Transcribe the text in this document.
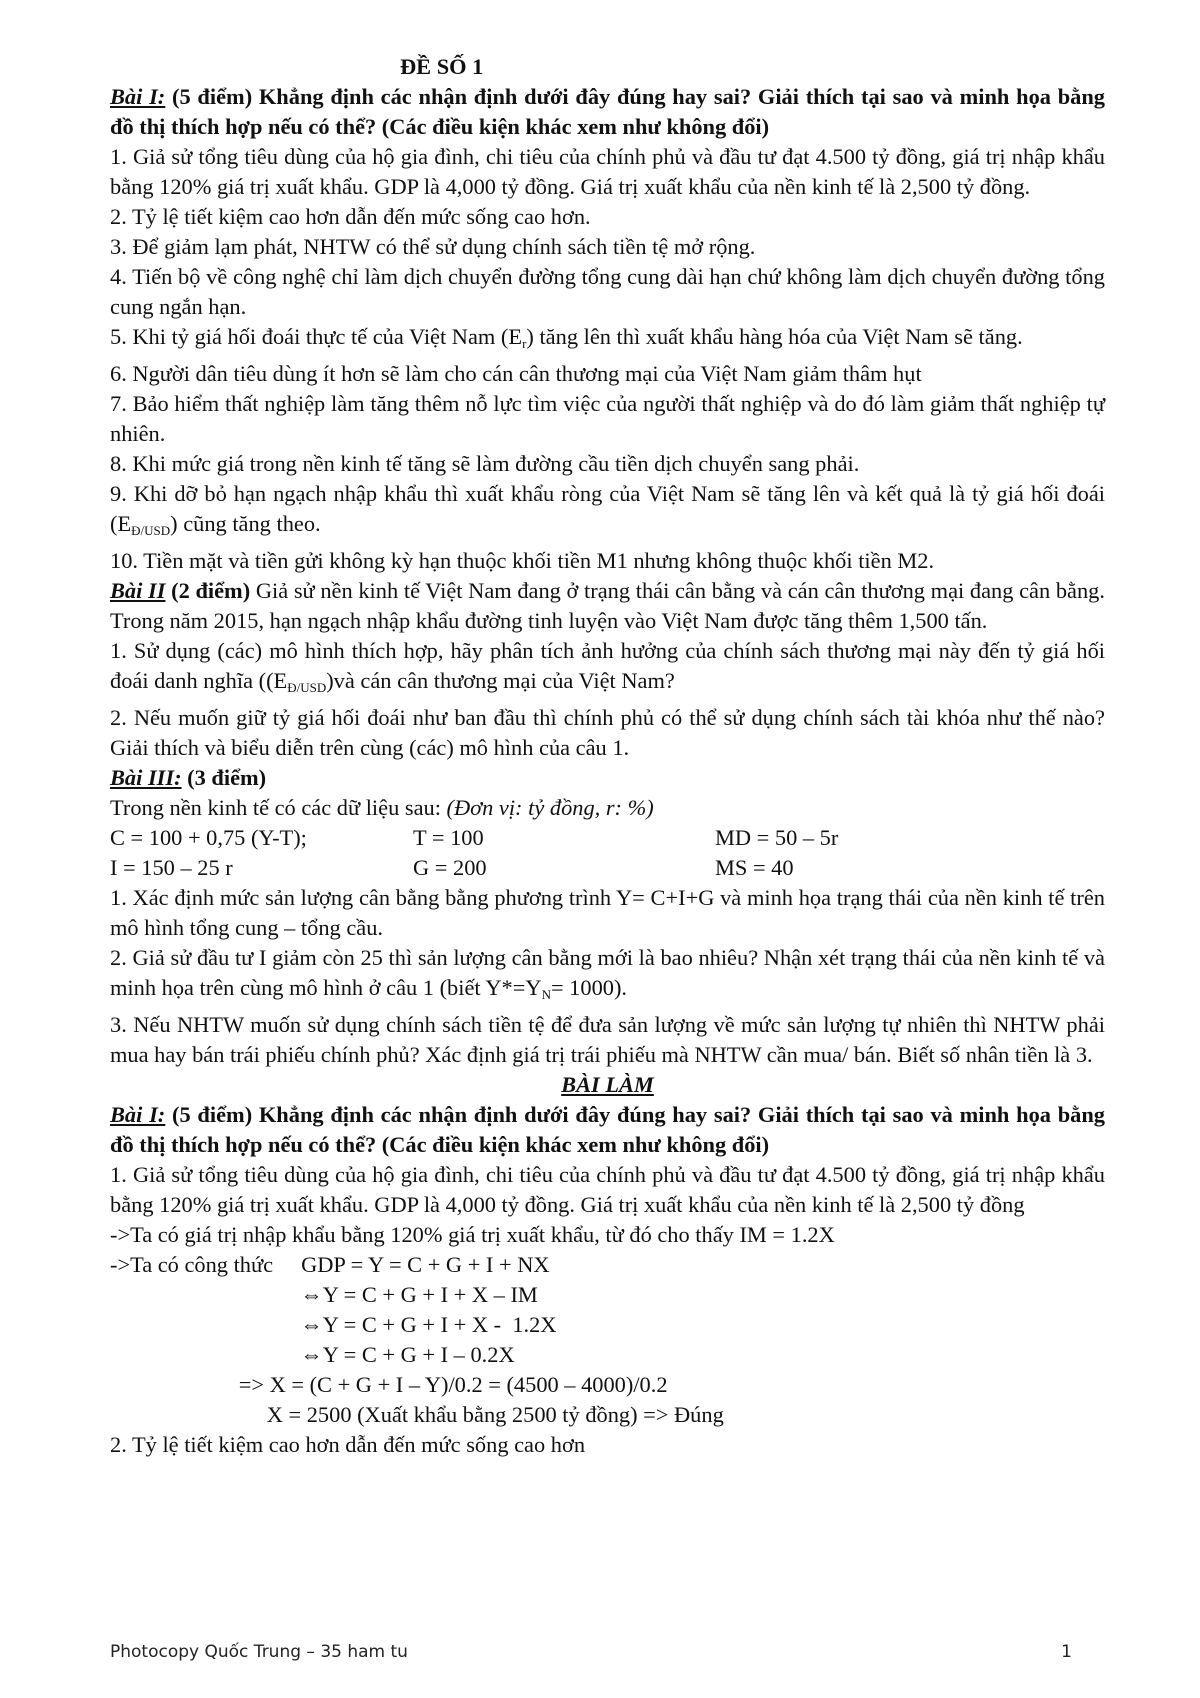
ĐỀ SỐ 1

Bài I: (5 điểm) Khẳng định các nhận định dưới đây đúng hay sai? Giải thích tại sao và minh họa bằng đồ thị thích hợp nếu có thể? (Các điều kiện khác xem như không đổi)

1. Giả sử tổng tiêu dùng của hộ gia đình, chi tiêu của chính phủ và đầu tư đạt 4.500 tỷ đồng, giá trị nhập khẩu bằng 120% giá trị xuất khẩu. GDP là 4,000 tỷ đồng. Giá trị xuất khẩu của nền kinh tế là 2,500 tỷ đồng.

2. Tỷ lệ tiết kiệm cao hơn dẫn đến mức sống cao hơn.

3. Để giảm lạm phát, NHTW có thể sử dụng chính sách tiền tệ mở rộng.

4. Tiến bộ về công nghệ chỉ làm dịch chuyển đường tổng cung dài hạn chứ không làm dịch chuyển đường tổng cung ngắn hạn.

5. Khi tỷ giá hối đoái thực tế của Việt Nam $(E_r)$ tăng lên thì xuất khẩu hàng hóa của Việt Nam sẽ tăng.

6. Người dân tiêu dùng ít hơn sẽ làm cho cán cân thương mại của Việt Nam giảm thâm hụt

7. Bảo hiểm thất nghiệp làm tăng thêm nỗ lực tìm việc của người thất nghiệp và do đó làm giảm thất nghiệp tự nhiên.

8. Khi mức giá trong nền kinh tế tăng sẽ làm đường cầu tiền dịch chuyển sang phải.

9. Khi dỡ bỏ hạn ngạch nhập khẩu thì xuất khẩu ròng của Việt Nam sẽ tăng lên và kết quả là tỷ giá hối đoái $(E_{Đ/USD})$ cũng tăng theo.

10. Tiền mặt và tiền gửi không kỳ hạn thuộc khối tiền M1 nhưng không thuộc khối tiền M2.

Bài II (2 điểm) Giả sử nền kinh tế Việt Nam đang ở trạng thái cân bằng và cán cân thương mại đang cân bằng. Trong năm 2015, hạn ngạch nhập khẩu đường tinh luyện vào Việt Nam được tăng thêm 1,500 tấn.

1. Sử dụng (các) mô hình thích hợp, hãy phân tích ảnh hưởng của chính sách thương mại này đến tỷ giá hối đoái danh nghĩa ($(E_{Đ/USD})và$ cán cân thương mại của Việt Nam?

2. Nếu muốn giữ tỷ giá hối đoái như ban đầu thì chính phủ có thể sử dụng chính sách tài khóa như thế nào? Giải thích và biểu diễn trên cùng (các) mô hình của câu 1.

Bài III: (3 điểm)

Trong nền kinh tế có các dữ liệu sau: (Đơn vị: tỷ đồng, r: %)

C = 100 + 0,75 (Y-T);	T = 100	MD = 50 – 5r

I = 150 – 25 r	G = 200	MS = 40

1. Xác định mức sản lượng cân bằng bằng phương trình Y= C+I+G và minh họa trạng thái của nền kinh tế trên mô hình tổng cung – tổng cầu.

2. Giả sử đầu tư I giảm còn 25 thì sản lượng cân bằng mới là bao nhiêu? Nhận xét trạng thái của nền kinh tế và minh họa trên cùng mô hình ở câu 1 (biết $Y*=Y_N= 1000$).

3. Nếu NHTW muốn sử dụng chính sách tiền tệ để đưa sản lượng về mức sản lượng tự nhiên thì NHTW phải mua hay bán trái phiếu chính phủ? Xác định giá trị trái phiếu mà NHTW cần mua/ bán. Biết số nhân tiền là 3.

BÀI LÀM

Bài I: (5 điểm) Khẳng định các nhận định dưới đây đúng hay sai? Giải thích tại sao và minh họa bằng đồ thị thích hợp nếu có thể? (Các điều kiện khác xem như không đổi)

1. Giả sử tổng tiêu dùng của hộ gia đình, chi tiêu của chính phủ và đầu tư đạt 4.500 tỷ đồng, giá trị nhập khẩu bằng 120% giá trị xuất khẩu. GDP là 4,000 tỷ đồng. Giá trị xuất khẩu của nền kinh tế là 2,500 tỷ đồng

->Ta có giá trị nhập khẩu bằng 120% giá trị xuất khẩu, từ đó cho thấy IM = 1.2X

->Ta có công thức     GDP = Y = C + G + I + NX

⇔Y = C + G + I + X – IM

⇔Y = C + G + I + X -  1.2X

⇔Y = C + G + I – 0.2X

=> X = (C + G + I – Y)/0.2 = (4500 – 4000)/0.2

X = 2500 (Xuất khẩu bằng 2500 tỷ đồng) => Đúng

2. Tỷ lệ tiết kiệm cao hơn dẫn đến mức sống cao hơn

Photocopy Quốc Trung – 35 ham tu	1
